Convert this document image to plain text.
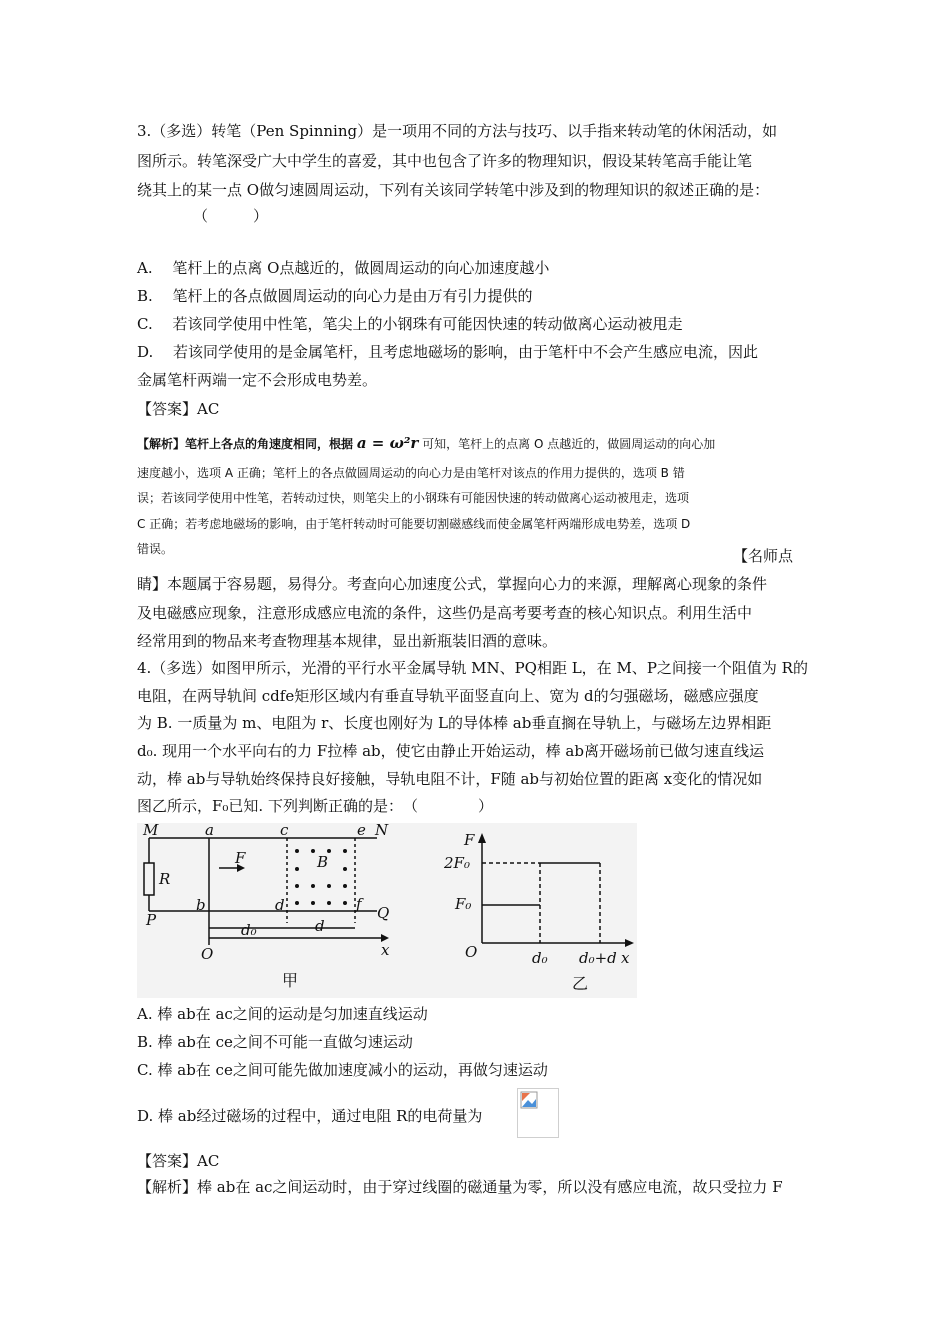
3.（多选）转笔（Pen Spinning）是一项用不同的方法与技巧、以手指来转动笔的休闲活动，如
图所示。转笔深受广大中学生的喜爱，其中也包含了许多的物理知识，假设某转笔高手能让笔
绕其上的某一点 O做匀速圆周运动，下列有关该同学转笔中涉及到的物理知识的叙述正确的是：
（　　　）
A.　 笔杆上的点离 O点越近的，做圆周运动的向心加速度越小
B.　 笔杆上的各点做圆周运动的向心力是由万有引力提供的
C.　 若该同学使用中性笔，笔尖上的小钢珠有可能因快速的转动做离心运动被甩走
D.　 若该同学使用的是金属笔杆，且考虑地磁场的影响，由于笔杆中不会产生感应电流，因此
金属笔杆两端一定不会形成电势差。
【答案】AC
【解析】笔杆上各点的角速度相同，根据 a = ω²r 可知，笔杆上的点离 O 点越近的，做圆周运动的向心加
速度越小，选项 A 正确；笔杆上的各点做圆周运动的向心力是由笔杆对该点的作用力提供的，选项 B 错
误；若该同学使用中性笔，若转动过快，则笔尖上的小钢珠有可能因快速的转动做离心运动被甩走，选项
C 正确；若考虑地磁场的影响，由于笔杆转动时可能要切割磁感线而使金属笔杆两端形成电势差，选项 D
错误。	【名师点
睛】本题属于容易题，易得分。考查向心加速度公式，掌握向心力的来源，理解离心现象的条件
及电磁感应现象，注意形成感应电流的条件，这些仍是高考要考查的核心知识点。利用生活中
经常用到的物品来考查物理基本规律，显出新瓶装旧酒的意味。
4.（多选）如图甲所示，光滑的平行水平金属导轨 MN、PQ相距 L，在 M、P之间接一个阻值为 R的
电阻，在两导轨间 cdfe矩形区域内有垂直导轨平面竖直向上、宽为 d的匀强磁场，磁感应强度
为 B. 一质量为 m、电阻为 r、长度也刚好为 L的导体棒 ab垂直搁在导轨上，与磁场左边界相距
d₀. 现用一个水平向右的力 F拉棒 ab，使它由静止开始运动，棒 ab离开磁场前已做匀速直线运
动，棒 ab与导轨始终保持良好接触，导轨电阻不计，F随 ab与初始位置的距离 x变化的情况如
图乙所示，F₀已知. 下列判断正确的是：　（　　　　）
M	a	c	e N
R
F	B
f
P
b	d	Q
d₀	d
O	x
甲
F
2F₀
F₀
O	d₀ d₀+d x
乙
A. 棒 ab在 ac之间的运动是匀加速直线运动
B. 棒 ab在 ce之间不可能一直做匀速运动
C. 棒 ab在 ce之间可能先做加速度减小的运动，再做匀速运动
D. 棒 ab经过磁场的过程中，通过电阻 R的电荷量为
【答案】AC
【解析】棒 ab在 ac之间运动时，由于穿过线圈的磁通量为零，所以没有感应电流，故只受拉力 F
